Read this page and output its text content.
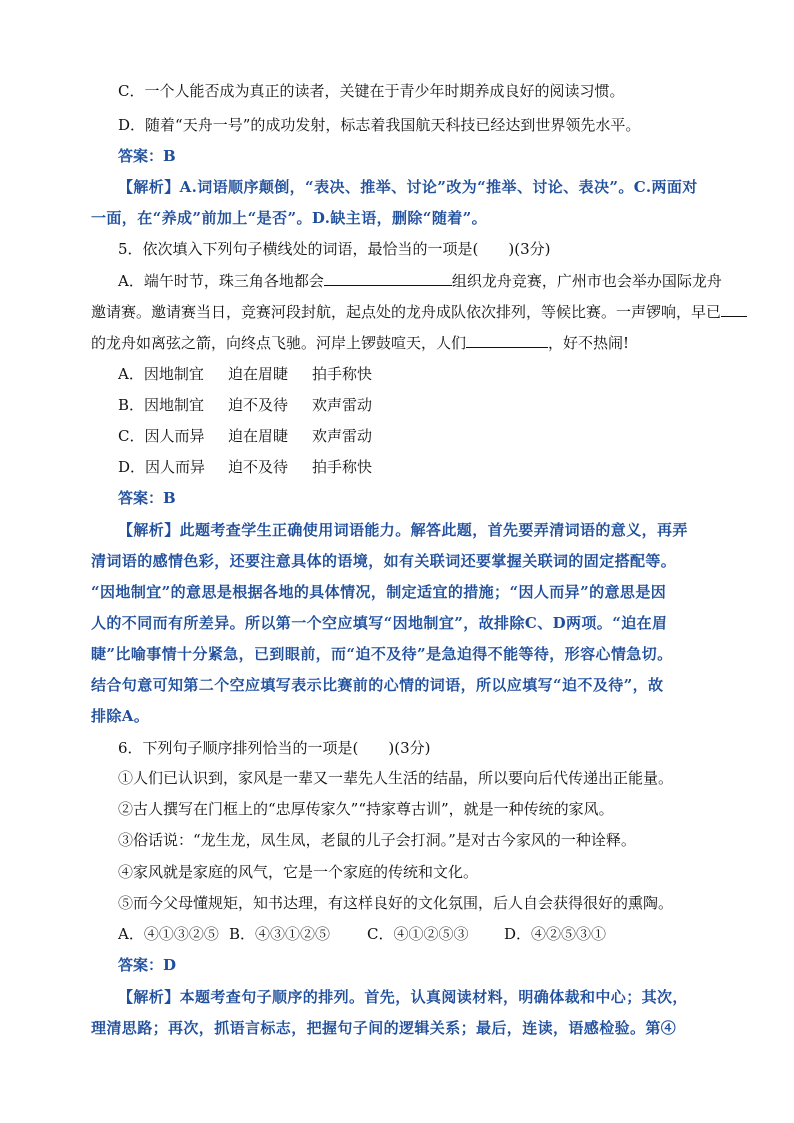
C．一个人能否成为真正的读者，关键在于青少年时期养成良好的阅读习惯。
D．随着“天舟一号”的成功发射，标志着我国航天科技已经达到世界领先水平。
答案：B
【解析】A.词语顺序颠倒，“表决、推举、讨论”改为“推举、讨论、表决”。C.两面对
一面，在“养成”前加上“是否”。D.缺主语，删除“随着”。
5．依次填入下列句子横线处的词语，最恰当的一项是(　　)(3分)
A．端午时节，珠三角各地都会	组织龙舟竞赛，广州市也会举办国际龙舟
邀请赛。邀请赛当日，竞赛河段封航，起点处的龙舟成队依次排列，等候比赛。一声锣响，早已
的龙舟如离弦之箭，向终点飞驰。河岸上锣鼓喧天，人们	，好不热闹!
A．因地制宜 迫在眉睫 拍手称快
B．因地制宜 迫不及待 欢声雷动
C．因人而异 迫在眉睫 欢声雷动
D．因人而异 迫不及待 拍手称快
答案：B
【解析】此题考查学生正确使用词语能力。解答此题，首先要弄清词语的意义，再弄
清词语的感情色彩，还要注意具体的语境，如有关联词还要掌握关联词的固定搭配等。
“因地制宜”的意思是根据各地的具体情况，制定适宜的措施；“因人而异”的意思是因
人的不同而有所差异。所以第一个空应填写“因地制宜”，故排除C、D两项。“迫在眉
睫”比喻事情十分紧急，已到眼前，而“迫不及待”是急迫得不能等待，形容心情急切。
结合句意可知第二个空应填写表示比赛前的心情的词语，所以应填写“迫不及待”，故
排除A。
6．下列句子顺序排列恰当的一项是(　　)(3分)
①人们已认识到，家风是一辈又一辈先人生活的结晶，所以要向后代传递出正能量。
②古人撰写在门框上的“忠厚传家久”“持家尊古训”，就是一种传统的家风。
③俗话说：“龙生龙，凤生凤，老鼠的儿子会打洞。”是对古今家风的一种诠释。
④家风就是家庭的风气，它是一个家庭的传统和文化。
⑤而今父母懂规矩，知书达理，有这样良好的文化氛围，后人自会获得很好的熏陶。
A．④①③②⑤ B．④③①②⑤ C．④①②⑤③ D．④②⑤③①
答案：D
【解析】本题考查句子顺序的排列。首先，认真阅读材料，明确体裁和中心；其次，
理清思路；再次，抓语言标志，把握句子间的逻辑关系；最后，连读，语感检验。第④
